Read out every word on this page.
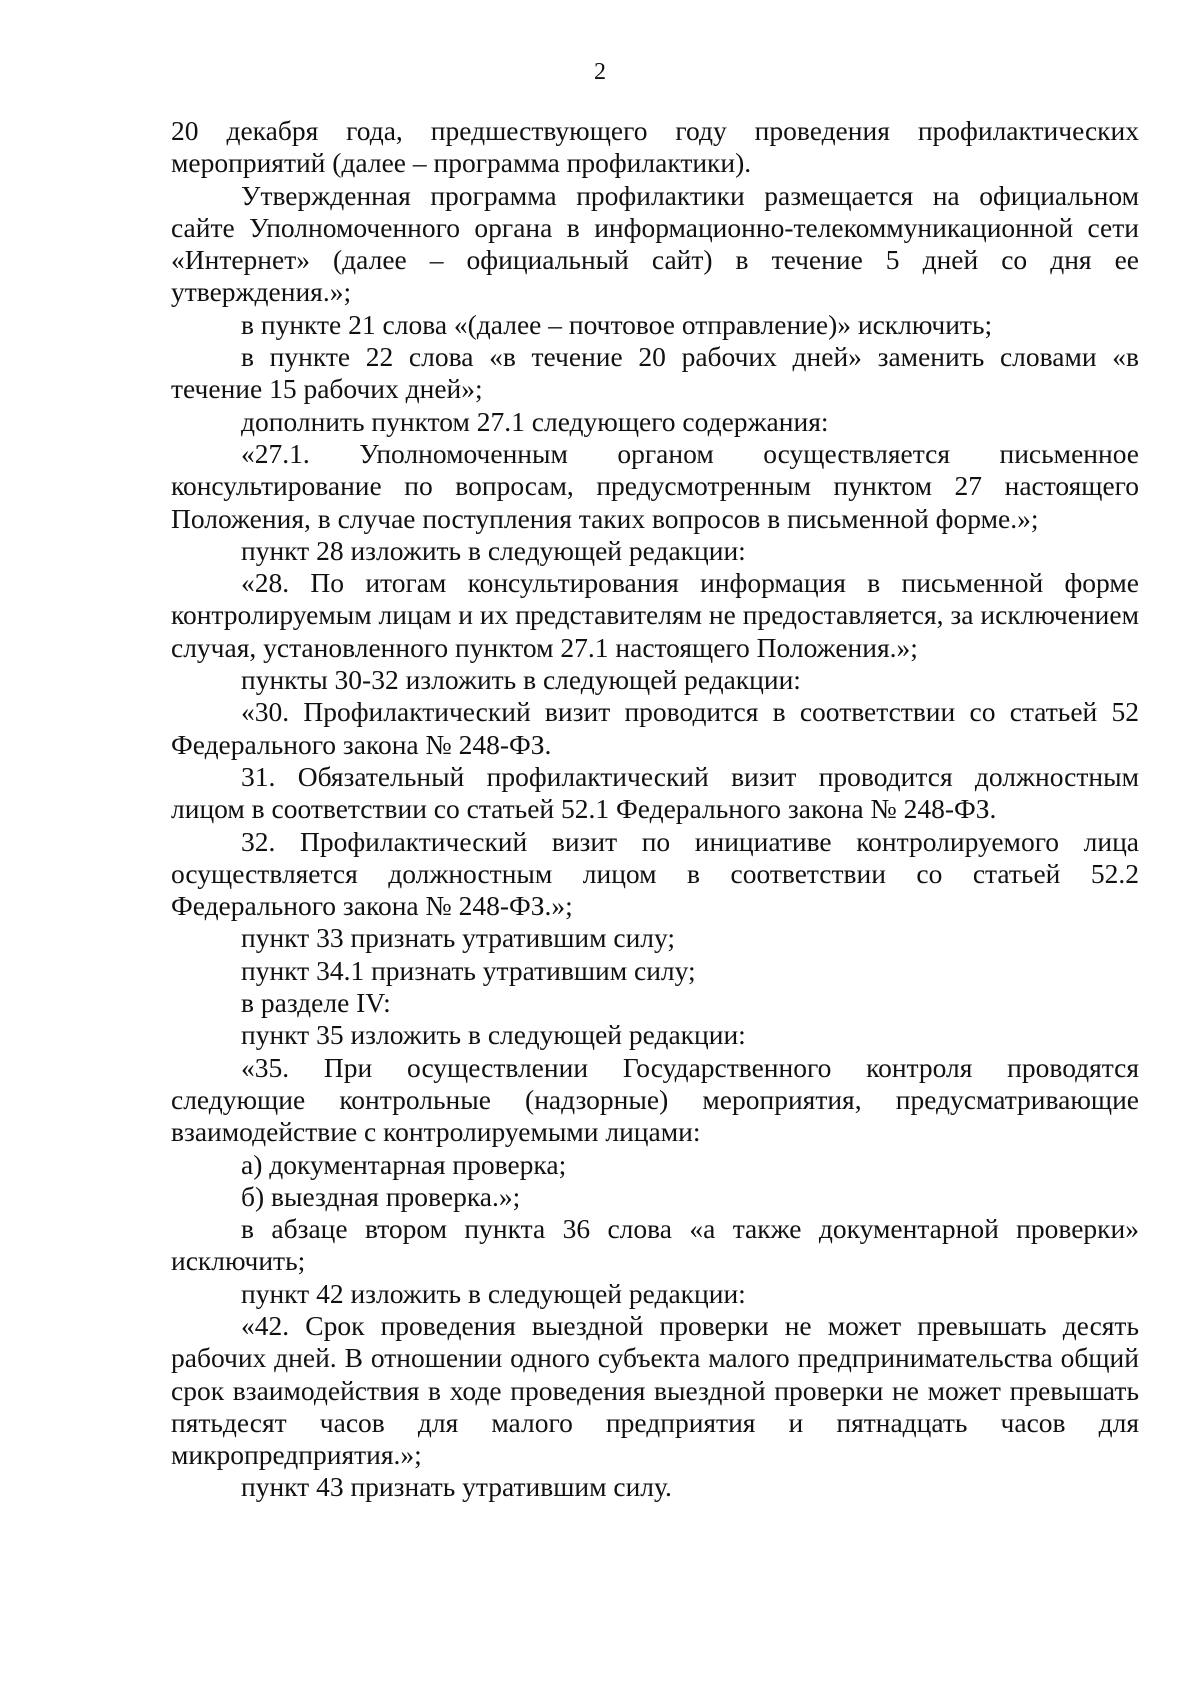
2

20 декабря года, предшествующего году проведения профилактических мероприятий (далее – программа профилактики).

Утвержденная программа профилактики размещается на официальном сайте Уполномоченного органа в информационно-телекоммуникационной сети «Интернет» (далее – официальный сайт) в течение 5 дней со дня ее утверждения.»;

в пункте 21 слова «(далее – почтовое отправление)» исключить;

в пункте 22 слова «в течение 20 рабочих дней» заменить словами «в течение 15 рабочих дней»;

дополнить пунктом 27.1 следующего содержания:

«27.1. Уполномоченным органом осуществляется письменное консультирование по вопросам, предусмотренным пунктом 27 настоящего Положения, в случае поступления таких вопросов в письменной форме.»;

пункт 28 изложить в следующей редакции:

«28. По итогам консультирования информация в письменной форме контролируемым лицам и их представителям не предоставляется, за исключением случая, установленного пунктом 27.1 настоящего Положения.»;

пункты 30-32 изложить в следующей редакции:

«30. Профилактический визит проводится в соответствии со статьей 52 Федерального закона № 248-ФЗ.

31. Обязательный профилактический визит проводится должностным лицом в соответствии со статьей 52.1 Федерального закона № 248-ФЗ.

32. Профилактический визит по инициативе контролируемого лица осуществляется должностным лицом в соответствии со статьей 52.2 Федерального закона № 248-ФЗ.»;

пункт 33 признать утратившим силу;

пункт 34.1 признать утратившим силу;

в разделе IV:

пункт 35 изложить в следующей редакции:

«35. При осуществлении Государственного контроля проводятся следующие контрольные (надзорные) мероприятия, предусматривающие взаимодействие с контролируемыми лицами:

а) документарная проверка;

б) выездная проверка.»;

в абзаце втором пункта 36 слова «а также документарной проверки» исключить;

пункт 42 изложить в следующей редакции:

«42. Срок проведения выездной проверки не может превышать десять рабочих дней. В отношении одного субъекта малого предпринимательства общий срок взаимодействия в ходе проведения выездной проверки не может превышать пятьдесят часов для малого предприятия и пятнадцать часов для микропредприятия.»;

пункт 43 признать утратившим силу.
